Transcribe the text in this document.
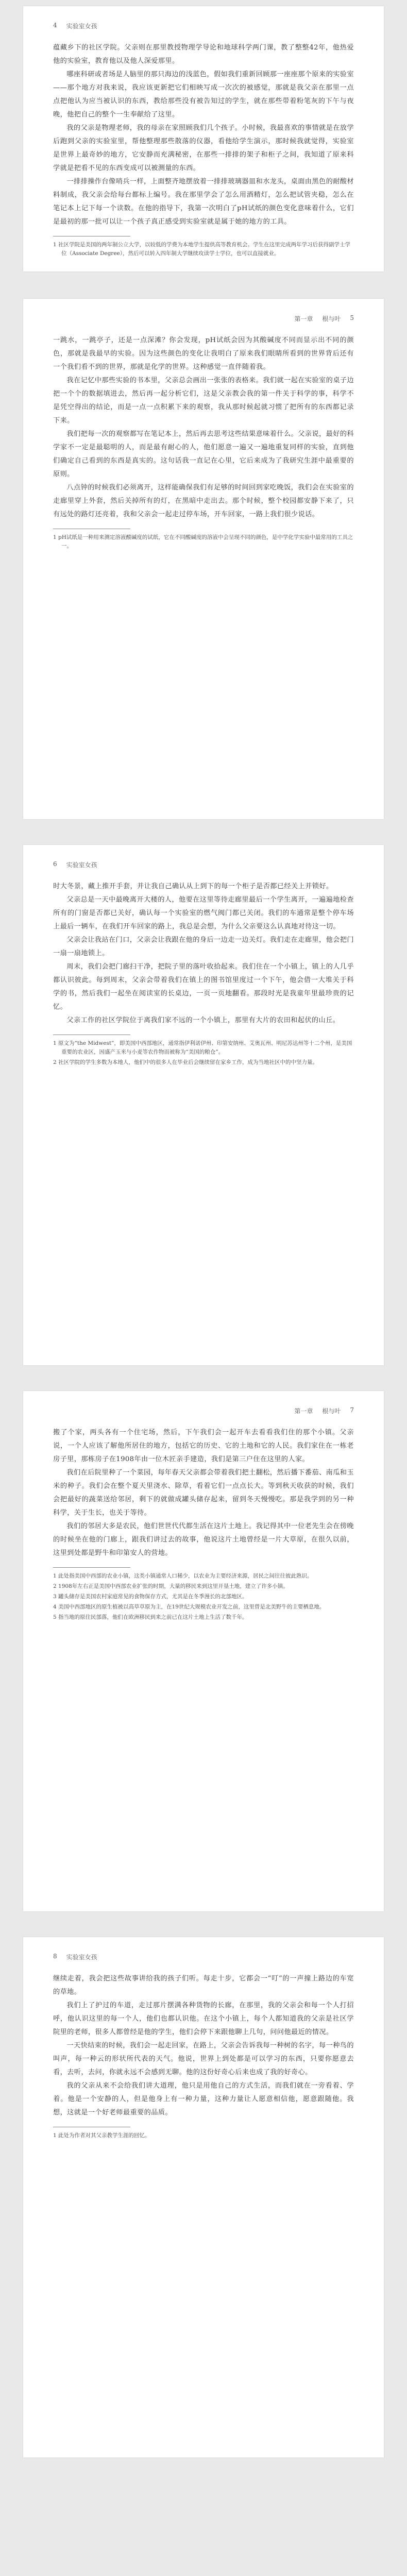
4 实验室女孩

蕴藏乡下的社区学院。父亲则在那里教授物理学导论和地球科学两门课，教了整整42年，他热爱他的实验室，教育他以及他人深爱那里。

哪座科研或者场是人脑里的那只海边的浅蓝色，假如我们重新回顾那一座座那个原来的实验室——那个地方对我来说，我应该更新把它们相映写成一次次的被感觉，那就是我父亲在那里一点点把他认为应当被认识的东西，教给那些没有被告知过的学生，就在那些带着粉笔灰的下午与夜晚，他把自己的整个一生奉献给了这里。

我的父亲是物理老师，我的母亲在家照顾我们几个孩子。小时候，我最喜欢的事情就是在放学后跑到父亲的实验室里，帮他整理那些散落的仪器，看他给学生演示，那时候我就觉得，实验室是世界上最奇妙的地方，它安静而充满秘密，在那些一排排的架子和柜子之间，我知道了原来科学就是把看不见的东西变成可以被测量的东西。

一排排操作台像哨兵一样，上面整齐地摆放着一排排玻璃器皿和水龙头，桌面由黑色的耐酸材料制成，我父亲会给每台都标上编号。我在那里学会了怎么用酒精灯，怎么把试管夹稳，怎么在笔记本上记下每一个读数。在他的指导下，我第一次明白了pH试纸的颜色变化意味着什么，它们是最初的那一批可以让一个孩子真正感受到实验室就是属于她的地方的工具。

1 社区学院是美国的两年制公立大学，以较低的学费为本地学生提供高等教育机会。学生在这里完成两年学习后获得副学士学位（Associate Degree），然后可以转入四年制大学继续攻读学士学位，也可以直接就业。

第一章 根与叶 5

一跳水，一跳亭子，还是一点深滩？你会发现，pH试纸会因为其酸碱度不同而显示出不同的颜色，那就是我最早的实验。因为这些颜色的变化让我明白了原来我们眼睛所看到的世界背后还有一个我们看不到的世界，那就是化学的世界。这种感觉一直伴随着我。

我在记忆中那些实验的书本里，父亲总会画出一张张的表格来。我们就一起在实验室的桌子边把一个个的数据填进去，然后再一起分析它们，这是父亲教会我的第一件关于科学的事，科学不是凭空得出的结论，而是一点一点积累下来的观察，我从那时候起就习惯了把所有的东西都记录下来。

我们把每一次的观察都写在笔记本上，然后再去思考这些结果意味着什么。父亲说，最好的科学家不一定是最聪明的人，而是最有耐心的人，他们愿意一遍又一遍地重复同样的实验，直到他们确定自己看到的东西是真实的。这句话我一直记在心里，它后来成为了我研究生涯中最重要的原则。

八点钟的时候我们必须离开，这样能确保我们有足够的时间回到家吃晚饭，我们会在实验室的走廊里穿上外套，然后关掉所有的灯，在黑暗中走出去。那个时候，整个校园都安静下来了，只有远处的路灯还亮着，我和父亲会一起走过停车场，开车回家，一路上我们很少说话。

1 pH试纸是一种用来测定溶液酸碱度的试纸，它在不同酸碱度的溶液中会呈现不同的颜色，是中学化学实验中最常用的工具之一。

6 实验室女孩

时大冬景，藏上推开手套，并让我自己确认从上到下的每一个柜子是否都已经关上并锁好。

父亲总是一天中最晚离开大楼的人，他要在这里等待走廊里最后一个学生离开，一遍遍地检查所有的门窗是否都已关好，确认每一个实验室的燃气阀门都已关闭。我们的车通常是整个停车场上最后一辆车，在我们开车回家的路上，我总是会想，为什么父亲要这么认真地对待这一切。

父亲会让我站在门口，父亲会让我跟在他的身后一边走一边关灯。我们走在走廊里，他会把门一扇一扇地锁上。

周末，我们会把门廊扫干净，把院子里的落叶收拾起来。我们住在一个小镇上，镇上的人几乎都认识彼此。每到周末，父亲会带着我们在镇上的图书馆里度过一个下午，他会借一大堆关于科学的书，然后我们一起坐在阅读室的长桌边，一页一页地翻看。那段时光是我童年里最珍贵的记忆。

父亲工作的社区学院位于离我们家不远的一个小镇上，那里有大片的农田和起伏的山丘。

1 原文为“the Midwest”，即美国中西部地区，通常指伊利诺伊州、印第安纳州、艾奥瓦州、明尼苏达州等十二个州，是美国重要的农业区，因盛产玉米与小麦等农作物而被称为“美国的粮仓”。

2 社区学院的学生多数为本地人，他们中的很多人在毕业后会继续留在家乡工作，成为当地社区中的中坚力量。

第一章 根与叶 7

搬了个家，两头各有一个住宅场，然后，下午我们会一起开车去看看我们住的那个小镇。父亲说，一个人应该了解他所居住的地方，包括它的历史、它的土地和它的人民。我们家住在一栋老房子里，那栋房子在1908年由一位木匠亲手建造，我们是第三户住在这里的人家。

我们在后院里种了一个菜园，每年春天父亲都会带着我们把土翻松，然后播下番茄、南瓜和玉米的种子。我们会在整个夏天里浇水、除草，看着它们一点点长大。等到秋天收获的时候，我们会把最好的蔬菜送给邻居，剩下的就做成罐头储存起来，留到冬天慢慢吃。那是我学到的另一种科学，关于生长，也关于等待。

我们的邻居大多是农民，他们世世代代都生活在这片土地上。我记得其中一位老先生会在傍晚的时候坐在他的门廊上，跟我们讲过去的故事，他说这片土地曾经是一片大草原，在很久以前，这里到处都是野牛和印第安人的营地。

1 此处指美国中西部的农业小镇，这类小镇通常人口稀少，以农业为主要经济来源，居民之间往往彼此熟识。

2 1908年左右正是美国中西部农业扩张的时期，大量的移民来到这里开垦土地，建立了许多小镇。

3 罐头储存是美国农村家庭常见的食物保存方式，尤其是在冬季漫长的北部地区。

4 美国中西部地区的原生植被以高草草原为主，在19世纪大规模农业开发之前，这里曾是北美野牛的主要栖息地。

5 指当地的原住民部落，他们在欧洲移民到来之前已在这片土地上生活了数千年。

8 实验室女孩

继续走着，我会把这些故事讲给我的孩子们听。每走十步，它都会一“叮”的一声撞上路边的车宽的草地。

我们上了护过的车道，走过那片摆满各种货物的长廊，在那里，我的父亲会和每一个人打招呼，他认识这里的每一个人，他们也都认识他。在这个小镇上，每个人都知道我的父亲是社区学院里的老师，很多人都曾经是他的学生，他们会停下来跟他聊上几句，问问他最近的情况。

一天快结束的时候，我们会一起走回家，在路上，父亲会告诉我每一种树的名字，每一种鸟的叫声，每一种云的形状所代表的天气。他说，世界上到处都是可以学习的东西，只要你愿意去看，去听，去问，你就永远不会感到无聊。他的这份好奇心后来也成了我的好奇心。

我的父亲从来不会给我们讲大道理，他只是用他自己的方式生活，而我们就在一旁看着、学着。他是一个安静的人，但是他身上有一种力量，这种力量让人愿意相信他，愿意跟随他。我想，这就是一个好老师最重要的品质。

1 此处为作者对其父亲教学生涯的回忆。
